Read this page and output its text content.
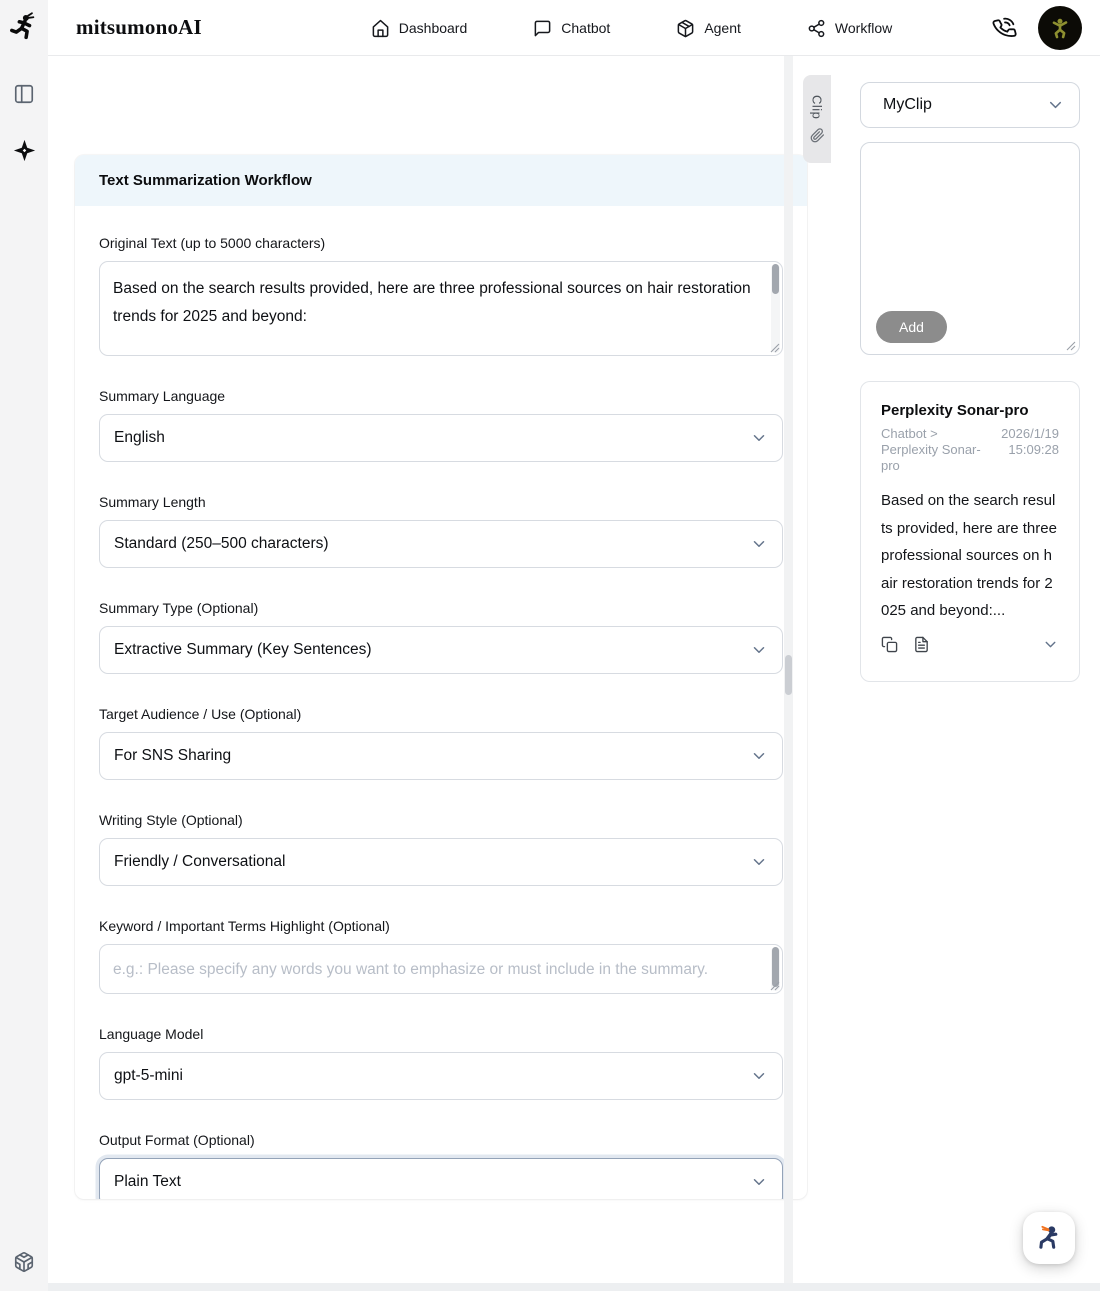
mitsumonoAI	Dashboard	Chatbot	Agent	Workflow
Text Summarization Workflow
Original Text (up to 5000 characters)
Based on the search results provided, here are three professional sources on hair restoration trends for 2025 and beyond:
Summary Language
English
Summary Length
Standard (250–500 characters)
Summary Type (Optional)
Extractive Summary (Key Sentences)
Target Audience / Use (Optional)
For SNS Sharing
Writing Style (Optional)
Friendly / Conversational
Keyword / Important Terms Highlight (Optional)
e.g.: Please specify any words you want to emphasize or must include in the summary.
Language Model
gpt-5-mini
Output Format (Optional)
Plain Text
Clip	MyClip
Add
Perplexity Sonar-pro
Chatbot > Perplexity Sonar-pro
2026/1/19 15:09:28
Based on the search results provided, here are three professional sources on hair restoration trends for 2025 and beyond:...
